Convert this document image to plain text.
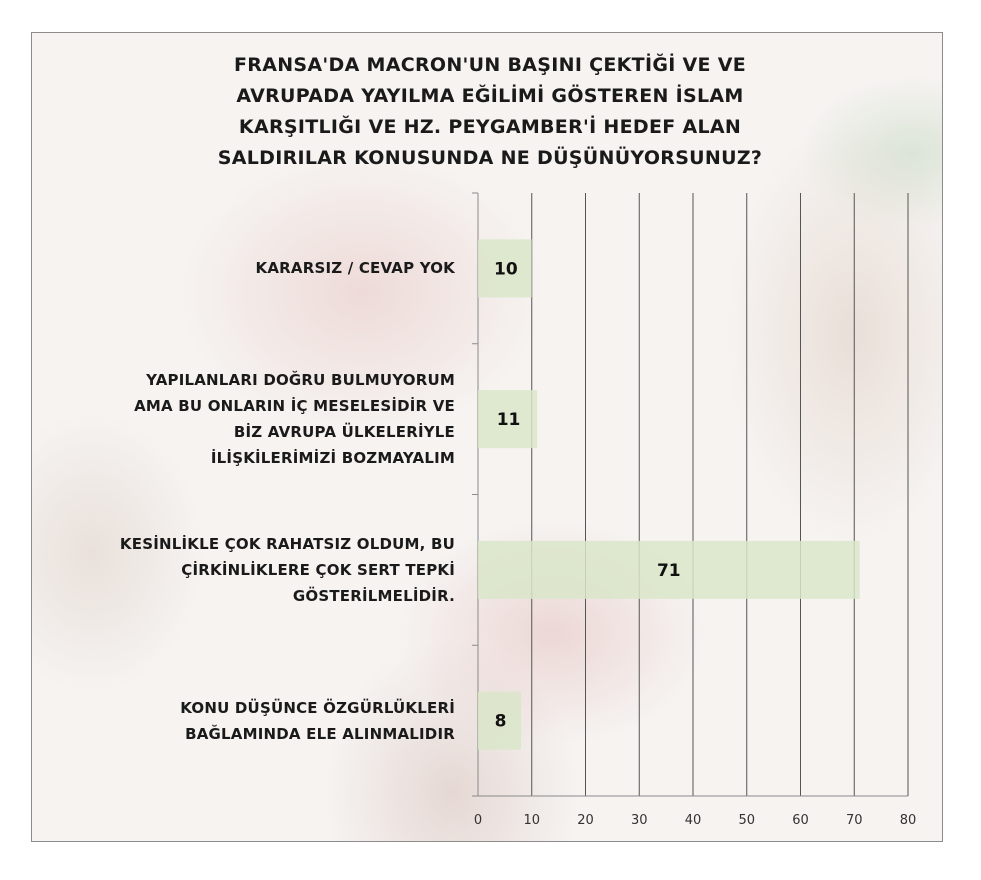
FRANSA'DA MACRON'UN BAŞINI ÇEKTİĞİ VE VE
AVRUPADA YAYILMA EĞİLİMİ GÖSTEREN İSLAM
KARŞITLIĞI VE HZ. PEYGAMBER'İ HEDEF ALAN
SALDIRILAR KONUSUNDA NE DÜŞÜNÜYORSUNUZ?
KARARSIZ / CEVAP YOK
YAPILANLARI DOĞRU BULMUYORUM
AMA BU ONLARIN İÇ MESELESİDİR VE
BİZ AVRUPA ÜLKELERİYLE
İLİŞKİLERİMİZİ BOZMAYALIM
KESİNLİKLE ÇOK RAHATSIZ OLDUM, BU
ÇİRKİNLİKLERE ÇOK SERT TEPKİ
GÖSTERİLMELİDİR.
KONU DÜŞÜNCE ÖZGÜRLÜKLERİ
BAĞLAMINDA ELE ALINMALIDIR
10
11
71
8
0	10	20	30	40	50	60	70	80
